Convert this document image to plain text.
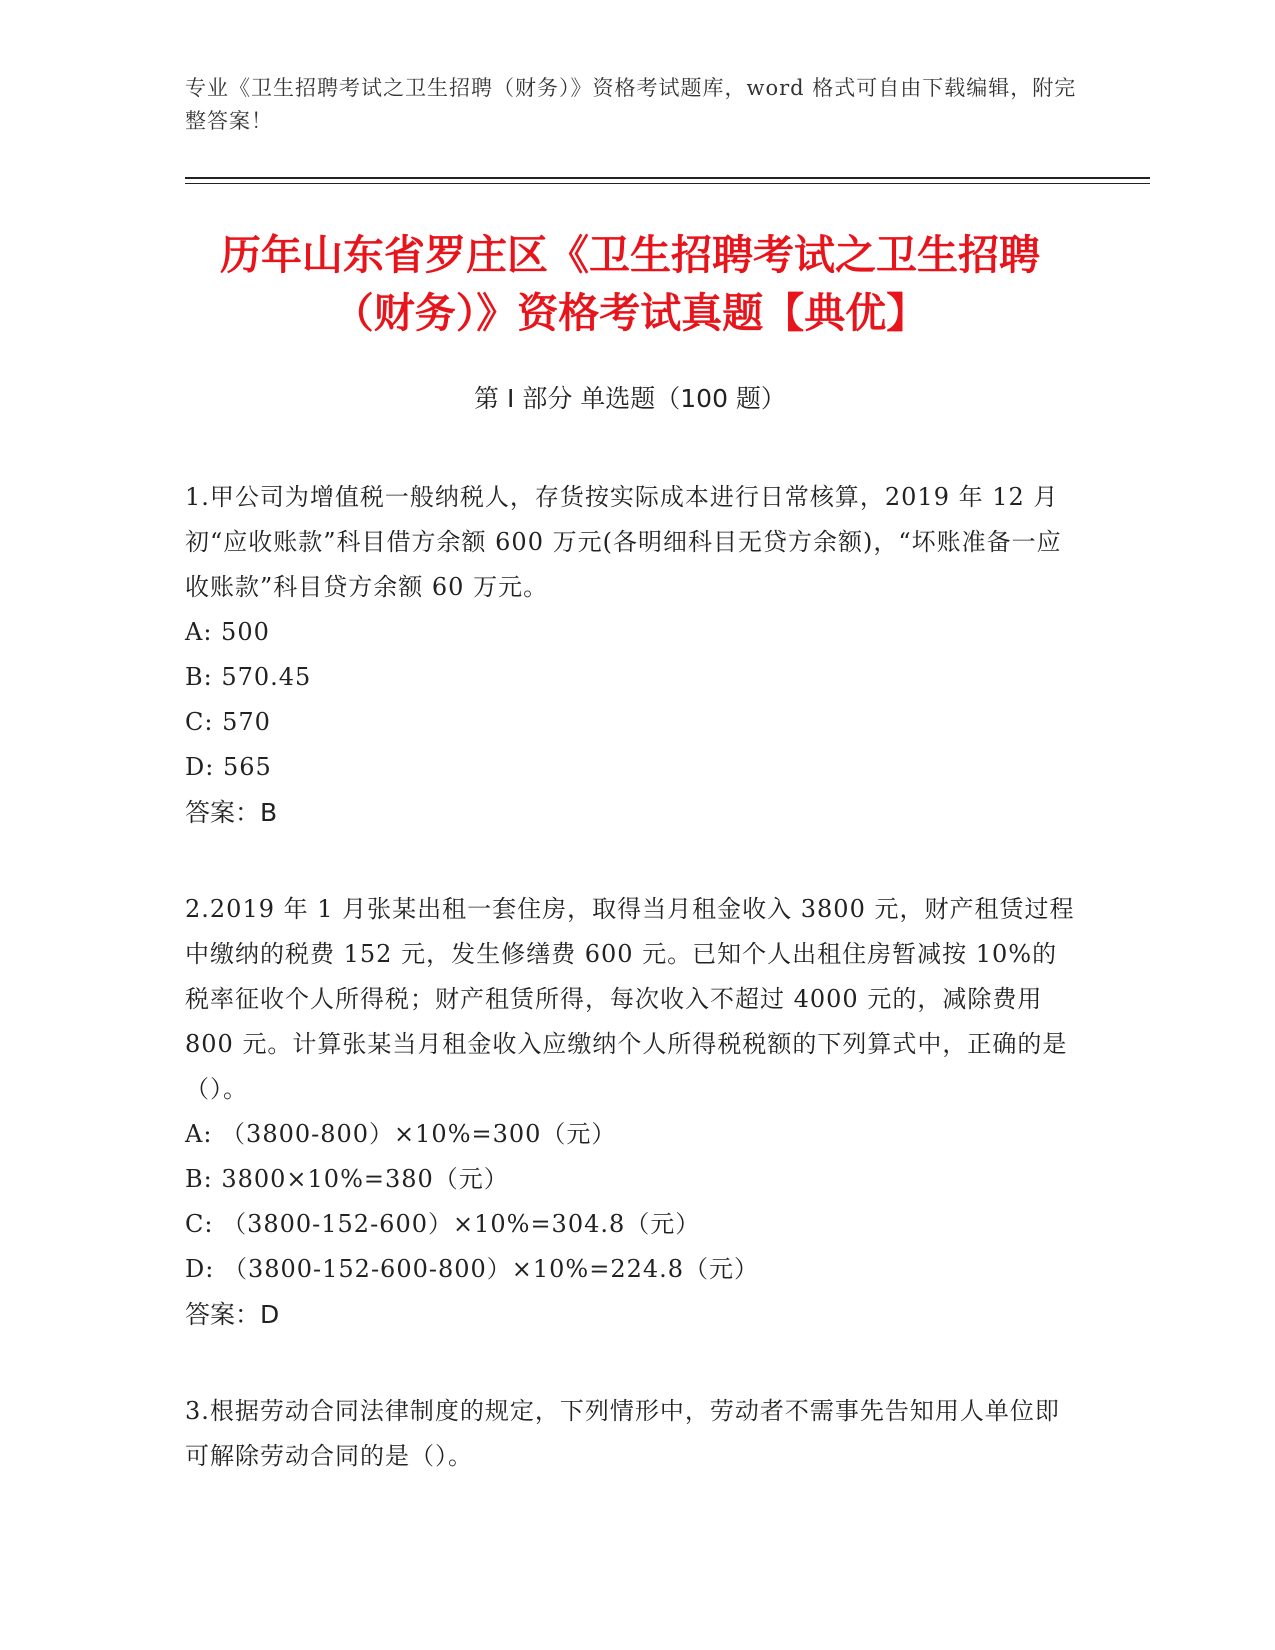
专业《卫生招聘考试之卫生招聘（财务）》资格考试题库，word 格式可自由下载编辑，附完整答案！
历年山东省罗庄区《卫生招聘考试之卫生招聘（财务）》资格考试真题【典优】
第 I 部分 单选题（100 题）

1.甲公司为增值税一般纳税人，存货按实际成本进行日常核算，2019 年 12 月初“应收账款”科目借方余额 600 万元(各明细科目无贷方余额)，“坏账准备一应收账款”科目贷方余额 60 万元。

A: 500

B: 570.45

C: 570

D: 565

答案：B

2.2019 年 1 月张某出租一套住房，取得当月租金收入 3800 元，财产租赁过程中缴纳的税费 152 元，发生修缮费 600 元。已知个人出租住房暂减按 10%的税率征收个人所得税；财产租赁所得，每次收入不超过 4000 元的，减除费用 800 元。计算张某当月租金收入应缴纳个人所得税税额的下列算式中，正确的是（）。

A: （3800-800）×10%=300（元）

B: 3800×10%=380（元）

C: （3800-152-600）×10%=304.8（元）

D: （3800-152-600-800）×10%=224.8（元）

答案：D

3.根据劳动合同法律制度的规定，下列情形中，劳动者不需事先告知用人单位即可解除劳动合同的是（）。
